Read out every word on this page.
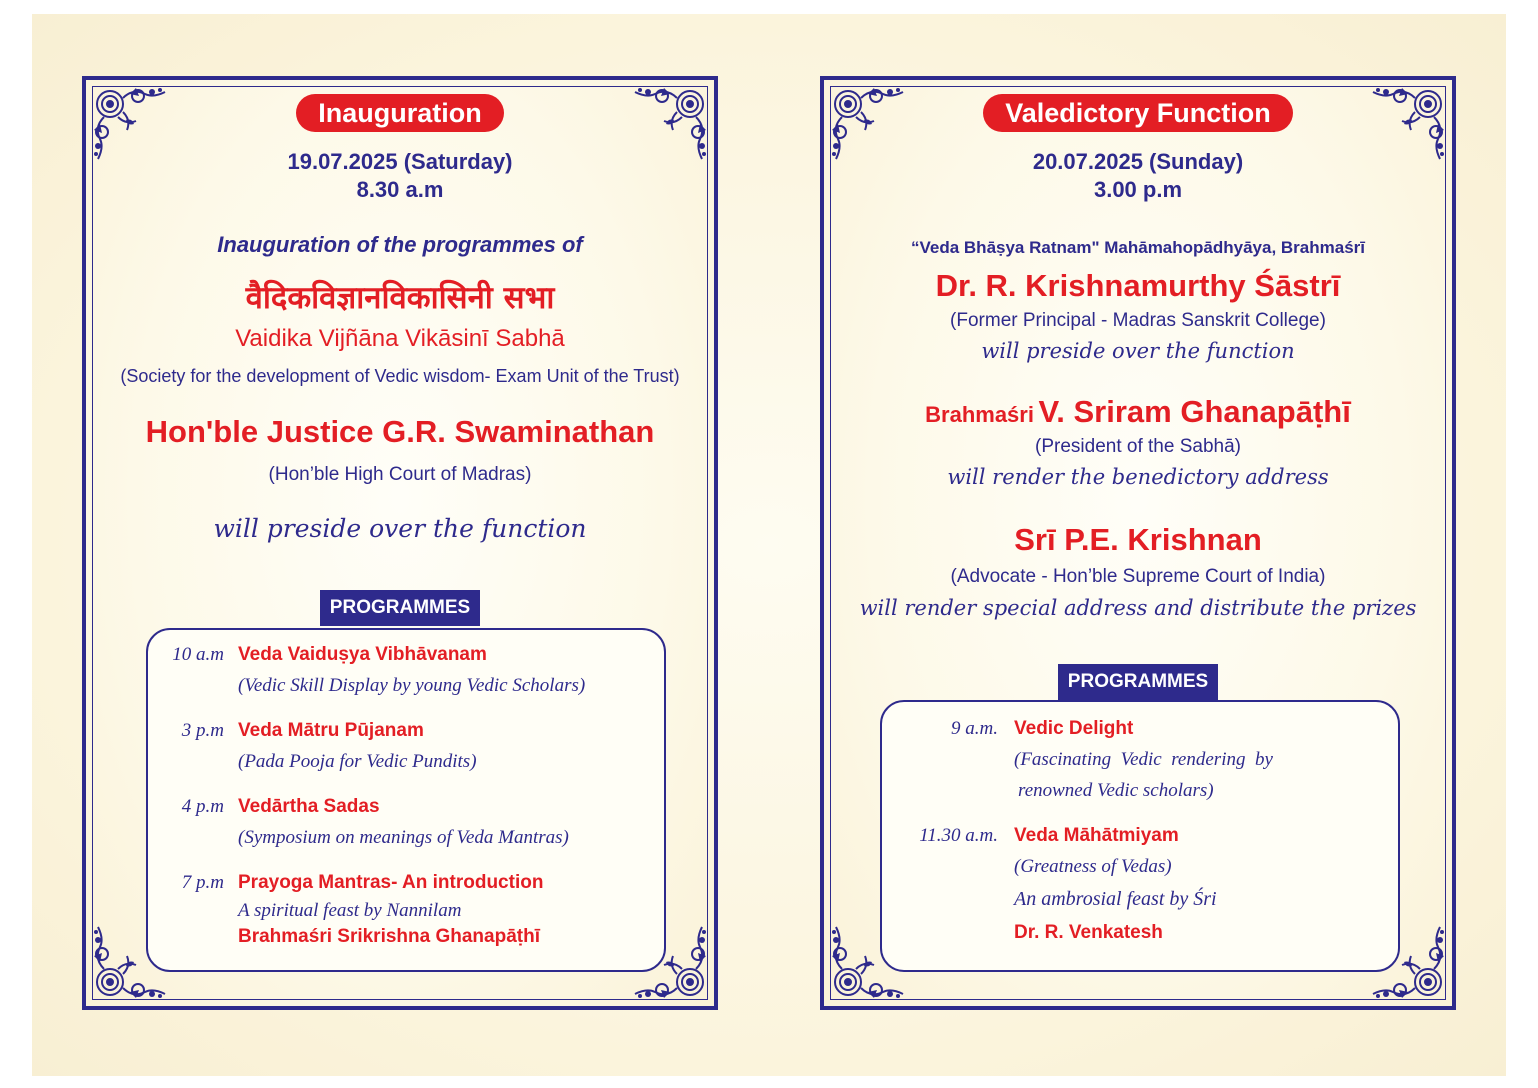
Inauguration
19.07.2025 (Saturday)
8.30 a.m
Inauguration of the programmes of
वैदिकविज्ञानविकासिनी सभा
Vaidika Vijñāna Vikāsinī Sabhā
(Society for the development of Vedic wisdom- Exam Unit of the Trust)
Hon'ble Justice G.R. Swaminathan
(Hon’ble High Court of Madras)
will preside over the function
PROGRAMMES
10 a.m Veda Vaiduṣya Vibhāvanam
(Vedic Skill Display by young Vedic Scholars)
3 p.m Veda Mātru Pūjanam
(Pada Pooja for Vedic Pundits)
4 p.m Vedārtha Sadas
(Symposium on meanings of Veda Mantras)
7 p.m Prayoga Mantras- An introduction
A spiritual feast by Nannilam
Brahmaśri Srikrishna Ghanapāṭhī
Valedictory Function
20.07.2025 (Sunday)
3.00 p.m
“Veda Bhāṣya Ratnam" Mahāmahopādhyāya, Brahmaśrī
Dr. R. Krishnamurthy Śāstrī
(Former Principal - Madras Sanskrit College)
will preside over the function
Brahmaśri V. Sriram Ghanapāṭhī
(President of the Sabhā)
will render the benedictory address
Srī P.E. Krishnan
(Advocate - Hon’ble Supreme Court of India)
will render special address and distribute the prizes
PROGRAMMES
9 a.m. Vedic Delight
(Fascinating  Vedic  rendering  by
renowned Vedic scholars)
11.30 a.m. Veda Māhātmiyam
(Greatness of Vedas)
An ambrosial feast by Śri
Dr. R. Venkatesh
